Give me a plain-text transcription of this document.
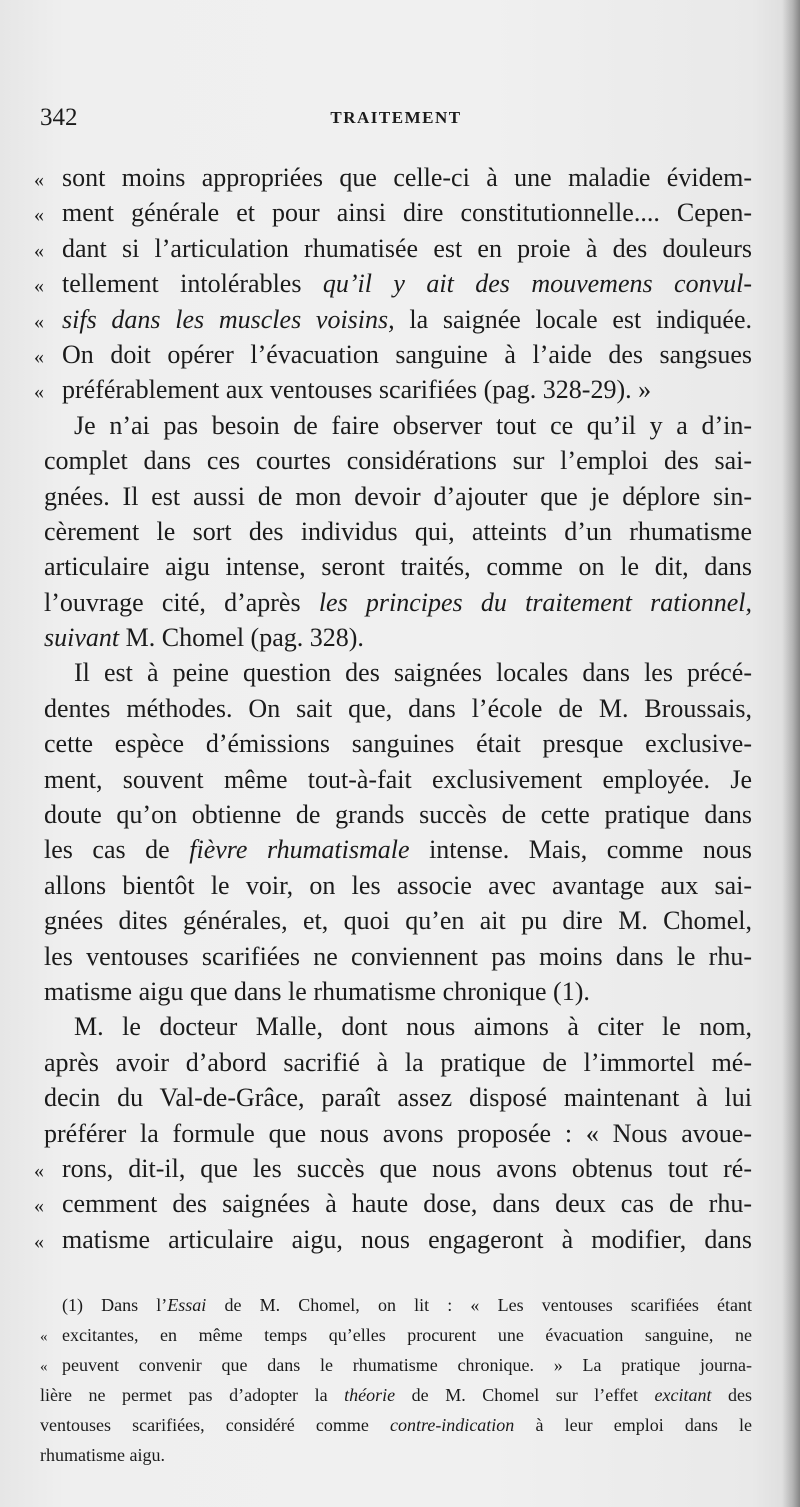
342	TRAITEMENT
« sont moins appropriées que celle-ci à une maladie évidem-
« ment générale et pour ainsi dire constitutionnelle.... Cepen-
« dant si l’articulation rhumatisée est en proie à des douleurs
« tellement intolérables qu’il y ait des mouvemens convul-
« sifs dans les muscles voisins, la saignée locale est indiquée.
« On doit opérer l’évacuation sanguine à l’aide des sangsues
« préférablement aux ventouses scarifiées (pag. 328-29). »
Je n’ai pas besoin de faire observer tout ce qu’il y a d’in-
complet dans ces courtes considérations sur l’emploi des sai-
gnées. Il est aussi de mon devoir d’ajouter que je déplore sin-
cèrement le sort des individus qui, atteints d’un rhumatisme
articulaire aigu intense, seront traités, comme on le dit, dans
l’ouvrage cité, d’après les principes du traitement rationnel,
suivant M. Chomel (pag. 328).
Il est à peine question des saignées locales dans les précé-
dentes méthodes. On sait que, dans l’école de M. Broussais,
cette espèce d’émissions sanguines était presque exclusive-
ment, souvent même tout-à-fait exclusivement employée. Je
doute qu’on obtienne de grands succès de cette pratique dans
les cas de fièvre rhumatismale intense. Mais, comme nous
allons bientôt le voir, on les associe avec avantage aux sai-
gnées dites générales, et, quoi qu’en ait pu dire M. Chomel,
les ventouses scarifiées ne conviennent pas moins dans le rhu-
matisme aigu que dans le rhumatisme chronique (1).
M. le docteur Malle, dont nous aimons à citer le nom,
après avoir d’abord sacrifié à la pratique de l’immortel mé-
decin du Val-de-Grâce, paraît assez disposé maintenant à lui
préférer la formule que nous avons proposée : « Nous avoue-
« rons, dit-il, que les succès que nous avons obtenus tout ré-
« cemment des saignées à haute dose, dans deux cas de rhu-
« matisme articulaire aigu, nous engageront à modifier, dans
(1) Dans l’Essai de M. Chomel, on lit : « Les ventouses scarifiées étant
« excitantes, en même temps qu’elles procurent une évacuation sanguine, ne
« peuvent convenir que dans le rhumatisme chronique. » La pratique journa-
lière ne permet pas d’adopter la théorie de M. Chomel sur l’effet excitant des
ventouses scarifiées, considéré comme contre-indication à leur emploi dans le
rhumatisme aigu.
